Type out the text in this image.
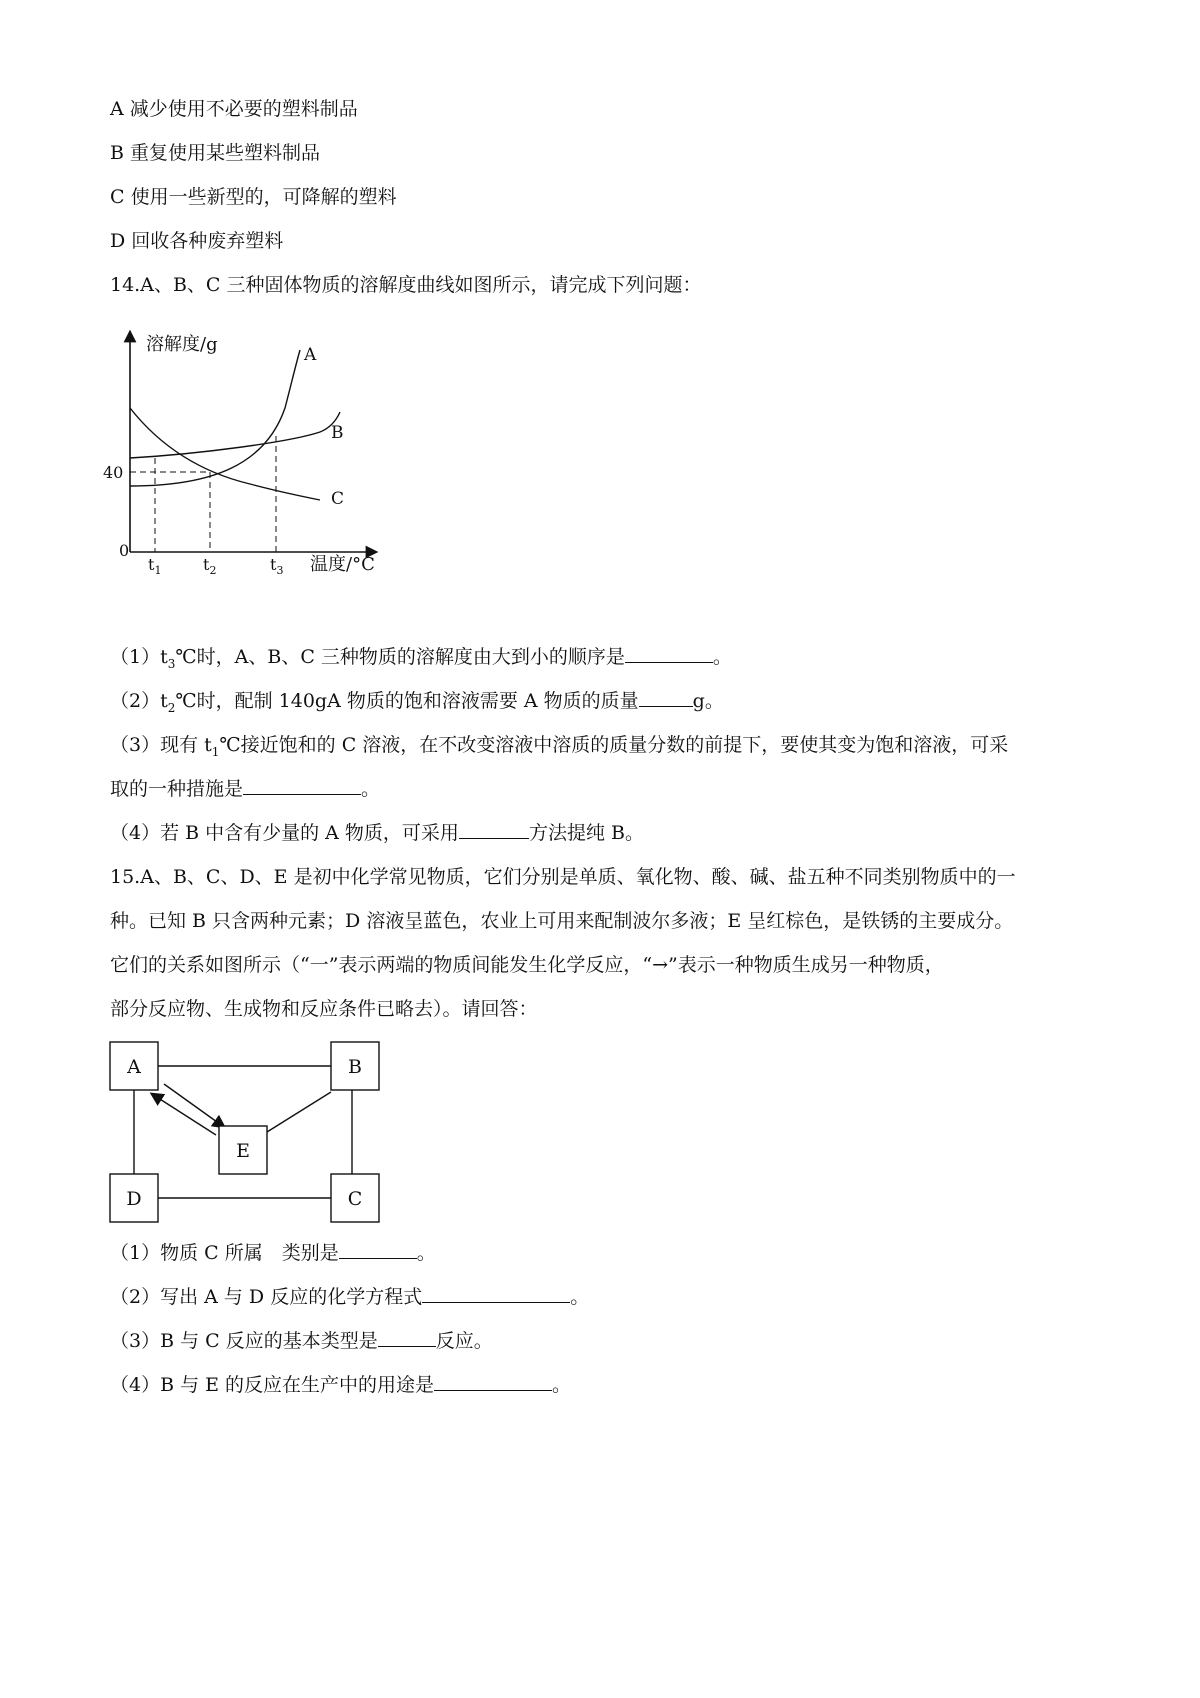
A 减少使用不必要的塑料制品
B 重复使用某些塑料制品
C 使用一些新型的，可降解的塑料
D 回收各种废弃塑料
14.A、B、C 三种固体物质的溶解度曲线如图所示，请完成下列问题：
溶解度/g	A
B
C
40
0
$t_1$	$t_2$	$t_3$ 温度/°C
$(1)t_3℃$时，A、B、C 三种物质的溶解度由大到小的顺序是	。
$(2)t_2℃$时，配制 140gA 物质的饱和溶液需要 A 物质的质量	g。
（3）现有 $t_1℃$接近饱和的 C 溶液，在不改变溶液中溶质的质量分数的前提下，要使其变为饱和溶液，可采
取的一种措施是	。
（4）若 B 中含有少量的 A 物质，可采用	方法提纯 B。
15.A、B、C、D、E 是初中化学常见物质，它们分别是单质、氧化物、酸、碱、盐五种不同类别物质中的一
种。已知 B 只含两种元素；D 溶液呈蓝色，农业上可用来配制波尔多液；E 呈红棕色，是铁锈的主要成分。
它们的关系如图所示（“一”表示两端的物质间能发生化学反应，“→”表示一种物质生成另一种物质，
部分反应物、生成物和反应条件已略去）。请回答：
A	B
D	C
E
（1）物质 C 所属　类别是	。
（2）写出 A 与 D 反应的化学方程式	。
（3）B 与 C 反应的基本类型是	反应。
（4）B 与 E 的反应在生产中的用途是	。
